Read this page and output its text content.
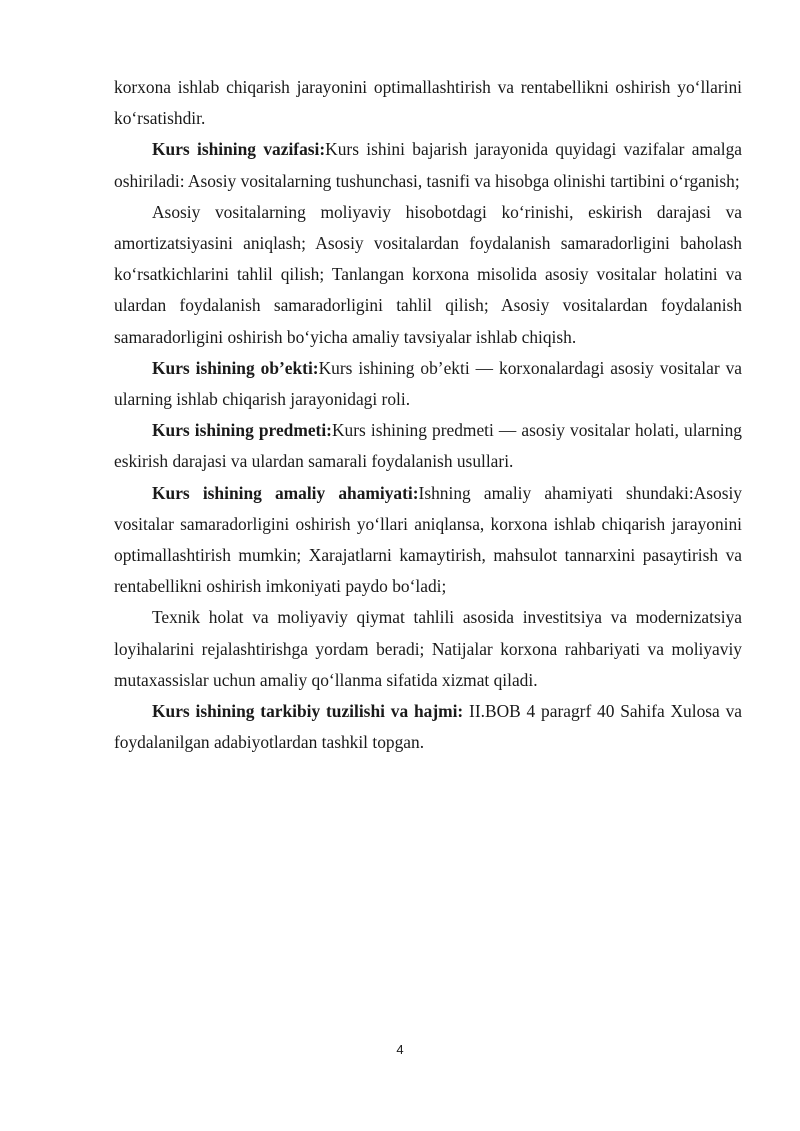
korxona ishlab chiqarish jarayonini optimallashtirish va rentabellikni oshirish yo‘llarini ko‘rsatishdir.

Kurs ishining vazifasi:Kurs ishini bajarish jarayonida quyidagi vazifalar amalga oshiriladi: Asosiy vositalarning tushunchasi, tasnifi va hisobga olinishi tartibini o‘rganish;

Asosiy vositalarning moliyaviy hisobotdagi ko‘rinishi, eskirish darajasi va amortizatsiyasini aniqlash; Asosiy vositalardan foydalanish samaradorligini baholash ko‘rsatkichlarini tahlil qilish; Tanlangan korxona misolida asosiy vositalar holatini va ulardan foydalanish samaradorligini tahlil qilish; Asosiy vositalardan foydalanish samaradorligini oshirish bo‘yicha amaliy tavsiyalar ishlab chiqish.

Kurs ishining ob’ekti:Kurs ishining ob’ekti — korxonalardagi asosiy vositalar va ularning ishlab chiqarish jarayonidagi roli.

Kurs ishining predmeti:Kurs ishining predmeti — asosiy vositalar holati, ularning eskirish darajasi va ulardan samarali foydalanish usullari.

Kurs ishining amaliy ahamiyati:Ishning amaliy ahamiyati shundaki:Asosiy vositalar samaradorligini oshirish yo‘llari aniqlansa, korxona ishlab chiqarish jarayonini optimallashtirish mumkin; Xarajatlarni kamaytirish, mahsulot tannarxini pasaytirish va rentabellikni oshirish imkoniyati paydo bo‘ladi;

Texnik holat va moliyaviy qiymat tahlili asosida investitsiya va modernizatsiya loyihalarini rejalashtirishga yordam beradi; Natijalar korxona rahbariyati va moliyaviy mutaxassislar uchun amaliy qo‘llanma sifatida xizmat qiladi.

Kurs ishining tarkibiy tuzilishi va hajmi: II.BOB 4 paragrf 40 Sahifa Xulosa va foydalanilgan adabiyotlardan tashkil topgan.

4
